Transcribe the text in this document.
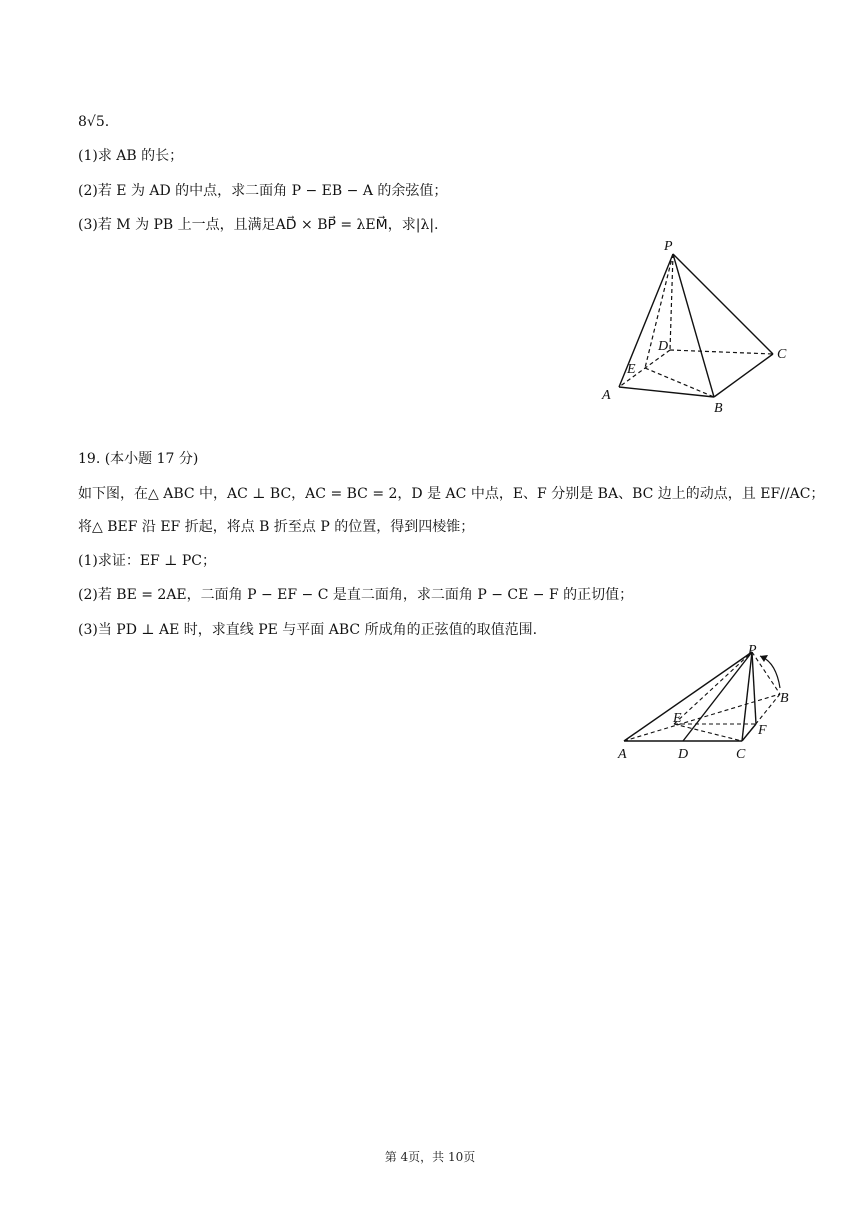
8√5.
(1)求 AB 的长；
(2)若 E 为 AD 的中点，求二面角 P − EB − A 的余弦值；
(3)若 M 为 PB 上一点，且满足AD⃗ × BP⃗ = λEM⃗，求|λ|.
P
D
C
E
A
B
19. (本小题 17 分)
如下图，在△ ABC 中，AC ⊥ BC，AC = BC = 2，D 是 AC 中点，E、F 分别是 BA、BC 边上的动点，且 EF//AC；
将△ BEF 沿 EF 折起，将点 B 折至点 P 的位置，得到四棱锥；
(1)求证：EF ⊥ PC；
(2)若 BE = 2AE，二面角 P − EF − C 是直二面角，求二面角 P − CE − F 的正切值；
(3)当 PD ⊥ AE 时，求直线 PE 与平面 ABC 所成角的正弦值的取值范围.
P
B
E
F
A	D	C
第 4页，共 10页
